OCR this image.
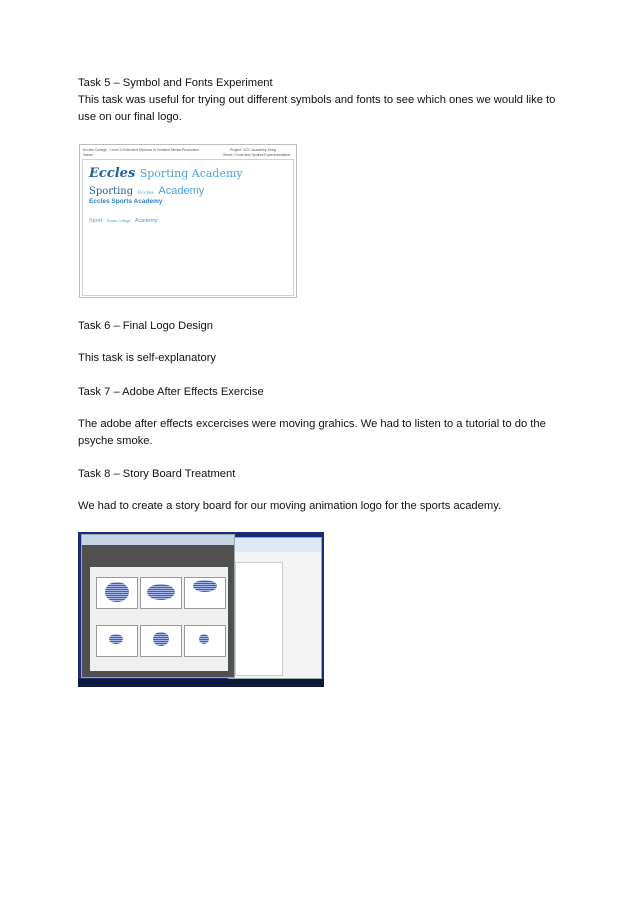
Task 5 – Symbol and Fonts Experiment
This task was useful for trying out different symbols and fonts to see which ones we would like to use on our final logo.
Eccles College - Level 3 Extended Diploma in Creative Media Production
Name:
Project: SCC Academy Sting
Sheet: Fonts and Symbol Experimentation
Eccles Sporting Academy
Sporting Eccles Academy
Eccles Sports Academy
Sport Eccles College Academy
Task 6 – Final Logo Design
This task is self-explanatory
Task 7 – Adobe After Effects Exercise
The adobe after effects excercises were moving grahics. We had to listen to a tutorial to do the psyche smoke.
Task 8 – Story Board Treatment
We had to create a story board for our moving animation logo for the sports academy.
